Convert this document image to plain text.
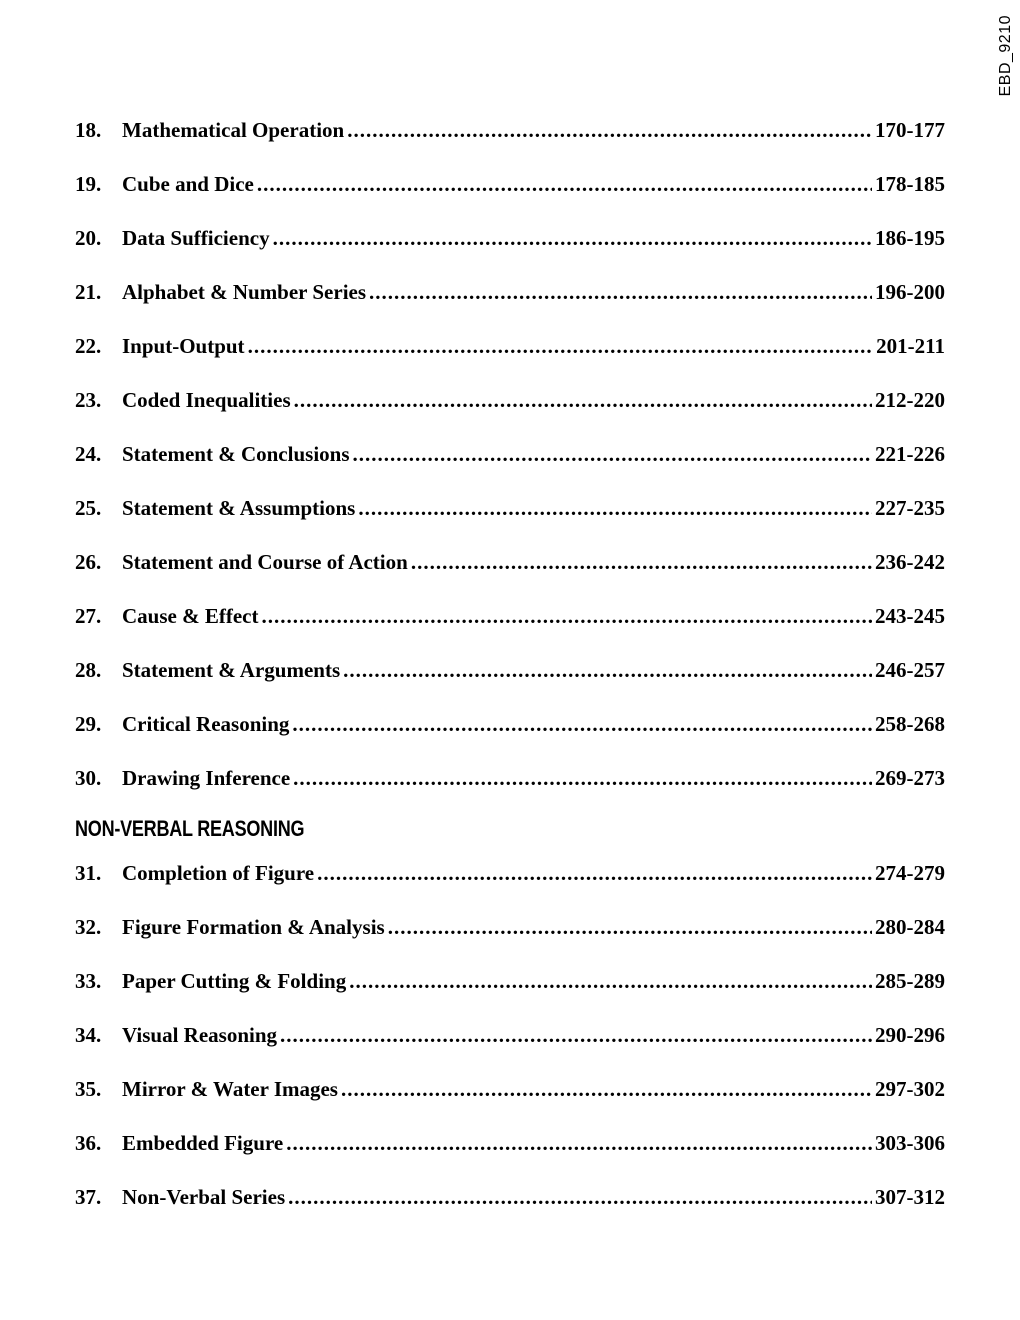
EBD_9210
18. Mathematical Operation .....	170-177
19. Cube and Dice .....	178-185
20. Data Sufficiency .....	186-195
21. Alphabet & Number Series .....	196-200
22. Input-Output .....	201-211
23. Coded Inequalities .....	212-220
24. Statement & Conclusions .....	221-226
25. Statement & Assumptions .....	227-235
26. Statement and Course of Action .....	236-242
27. Cause & Effect .....	243-245
28. Statement & Arguments .....	246-257
29. Critical Reasoning .....	258-268
30. Drawing Inference .....	269-273
NON-VERBAL REASONING
31. Completion of Figure .....	274-279
32. Figure Formation & Analysis .....	280-284
33. Paper Cutting & Folding .....	285-289
34. Visual Reasoning .....	290-296
35. Mirror & Water Images .....	297-302
36. Embedded Figure .....	303-306
37. Non-Verbal Series .....	307-312
